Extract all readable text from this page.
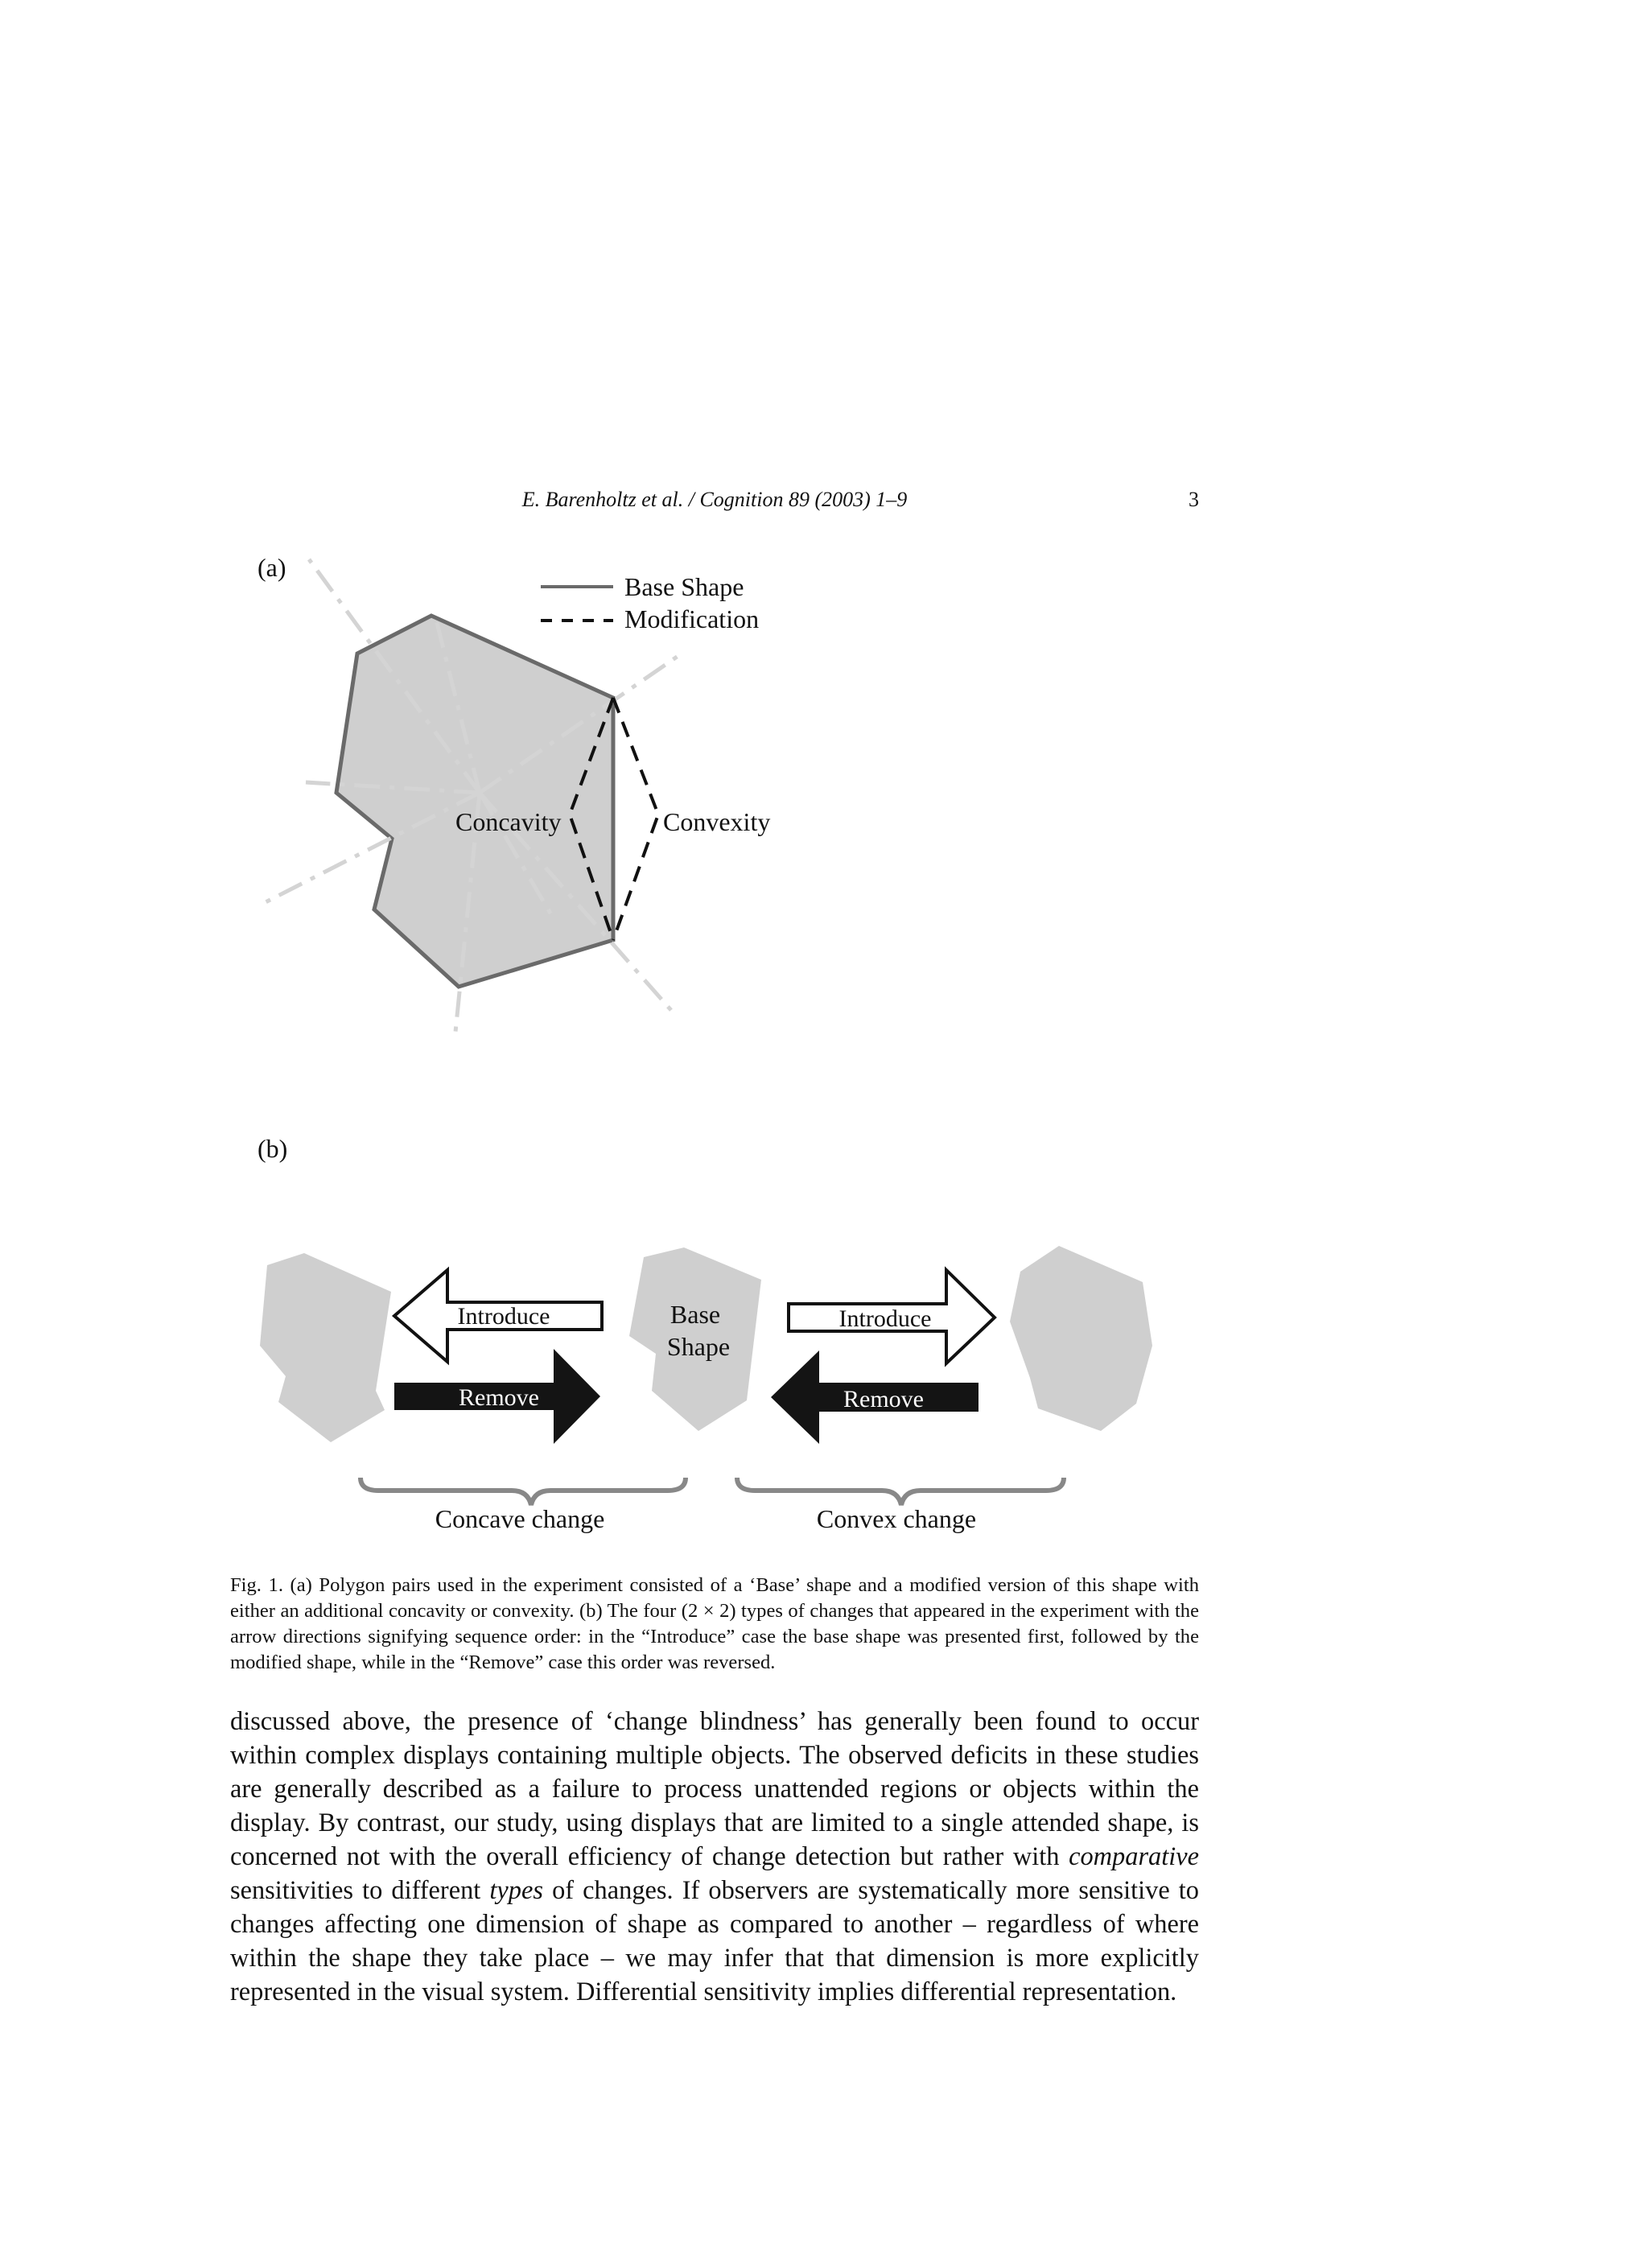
E. Barenholtz et al. / Cognition 89 (2003) 1–9	3
(a)
Base Shape
Modification
Concavity	Convexity
(b)
Introduce
Remove
Base
Shape
Introduce
Remove
Concave change	Convex change

Fig. 1. (a) Polygon pairs used in the experiment consisted of a ‘Base’ shape and a modified version of this shape with either an additional concavity or convexity. (b) The four (2 × 2) types of changes that appeared in the experiment with the arrow directions signifying sequence order: in the “Introduce” case the base shape was presented first, followed by the modified shape, while in the “Remove” case this order was reversed.

discussed above, the presence of ‘change blindness’ has generally been found to occur within complex displays containing multiple objects. The observed deficits in these studies are generally described as a failure to process unattended regions or objects within the display. By contrast, our study, using displays that are limited to a single attended shape, is concerned not with the overall efficiency of change detection but rather with comparative sensitivities to different types of changes. If observers are systematically more sensitive to changes affecting one dimension of shape as compared to another – regardless of where within the shape they take place – we may infer that that dimension is more explicitly represented in the visual system. Differential sensitivity implies differential representation.
